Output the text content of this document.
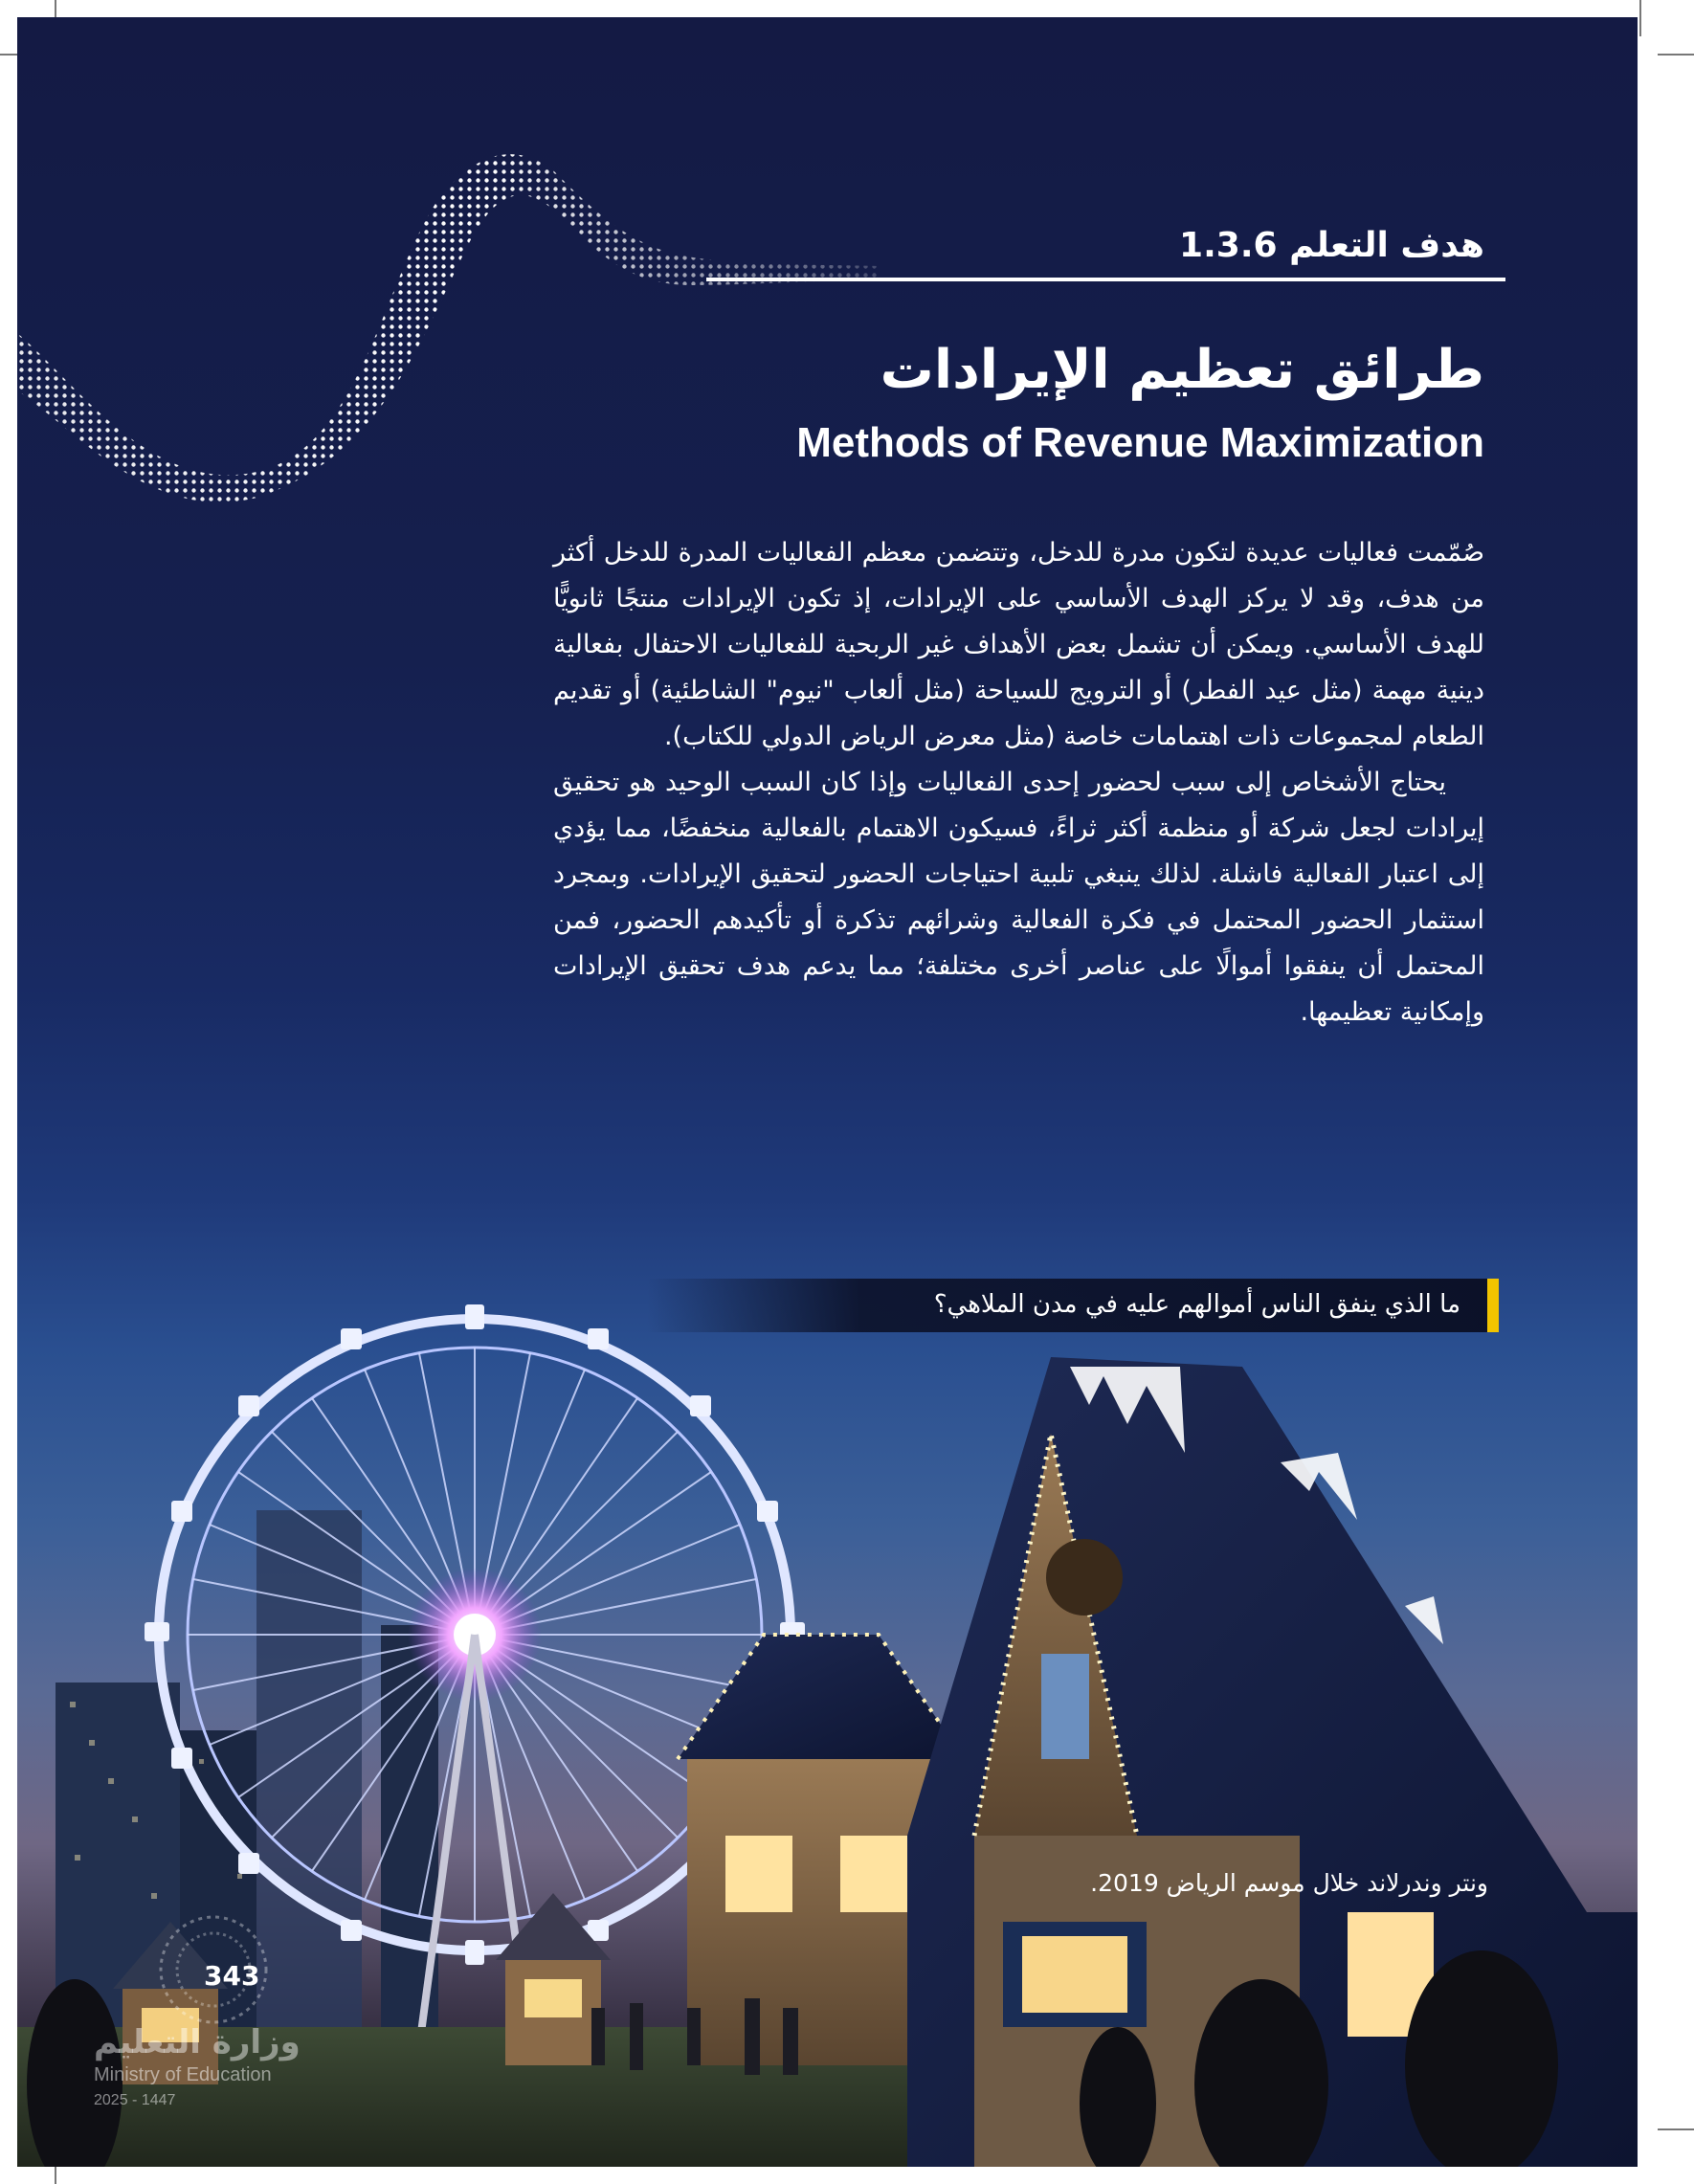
هدف التعلم 1.3.6
طرائق تعظيم الإيرادات
Methods of Revenue Maximization

صُمّمت فعاليات عديدة لتكون مدرة للدخل، وتتضمن معظم الفعاليات المدرة للدخل أكثر من هدف، وقد لا يركز الهدف الأساسي على الإيرادات، إذ تكون الإيرادات منتجًا ثانويًّا للهدف الأساسي. ويمكن أن تشمل بعض الأهداف غير الربحية للفعاليات الاحتفال بفعالية دينية مهمة (مثل عيد الفطر) أو الترويج للسياحة (مثل ألعاب "نيوم" الشاطئية) أو تقديم الطعام لمجموعات ذات اهتمامات خاصة (مثل معرض الرياض الدولي للكتاب).

يحتاج الأشخاص إلى سبب لحضور إحدى الفعاليات وإذا كان السبب الوحيد هو تحقيق إيرادات لجعل شركة أو منظمة أكثر ثراءً، فسيكون الاهتمام بالفعالية منخفضًا، مما يؤدي إلى اعتبار الفعالية فاشلة. لذلك ينبغي تلبية احتياجات الحضور لتحقيق الإيرادات. وبمجرد استثمار الحضور المحتمل في فكرة الفعالية وشرائهم تذكرة أو تأكيدهم الحضور، فمن المحتمل أن ينفقوا أموالًا على عناصر أخرى مختلفة؛ مما يدعم هدف تحقيق الإيرادات وإمكانية تعظيمها.

ما الذي ينفق الناس أموالهم عليه في مدن الملاهي؟
ونتر وندرلاند خلال موسم الرياض 2019.
343
وزارة التعليم
Ministry of Education
2025 - 1447
